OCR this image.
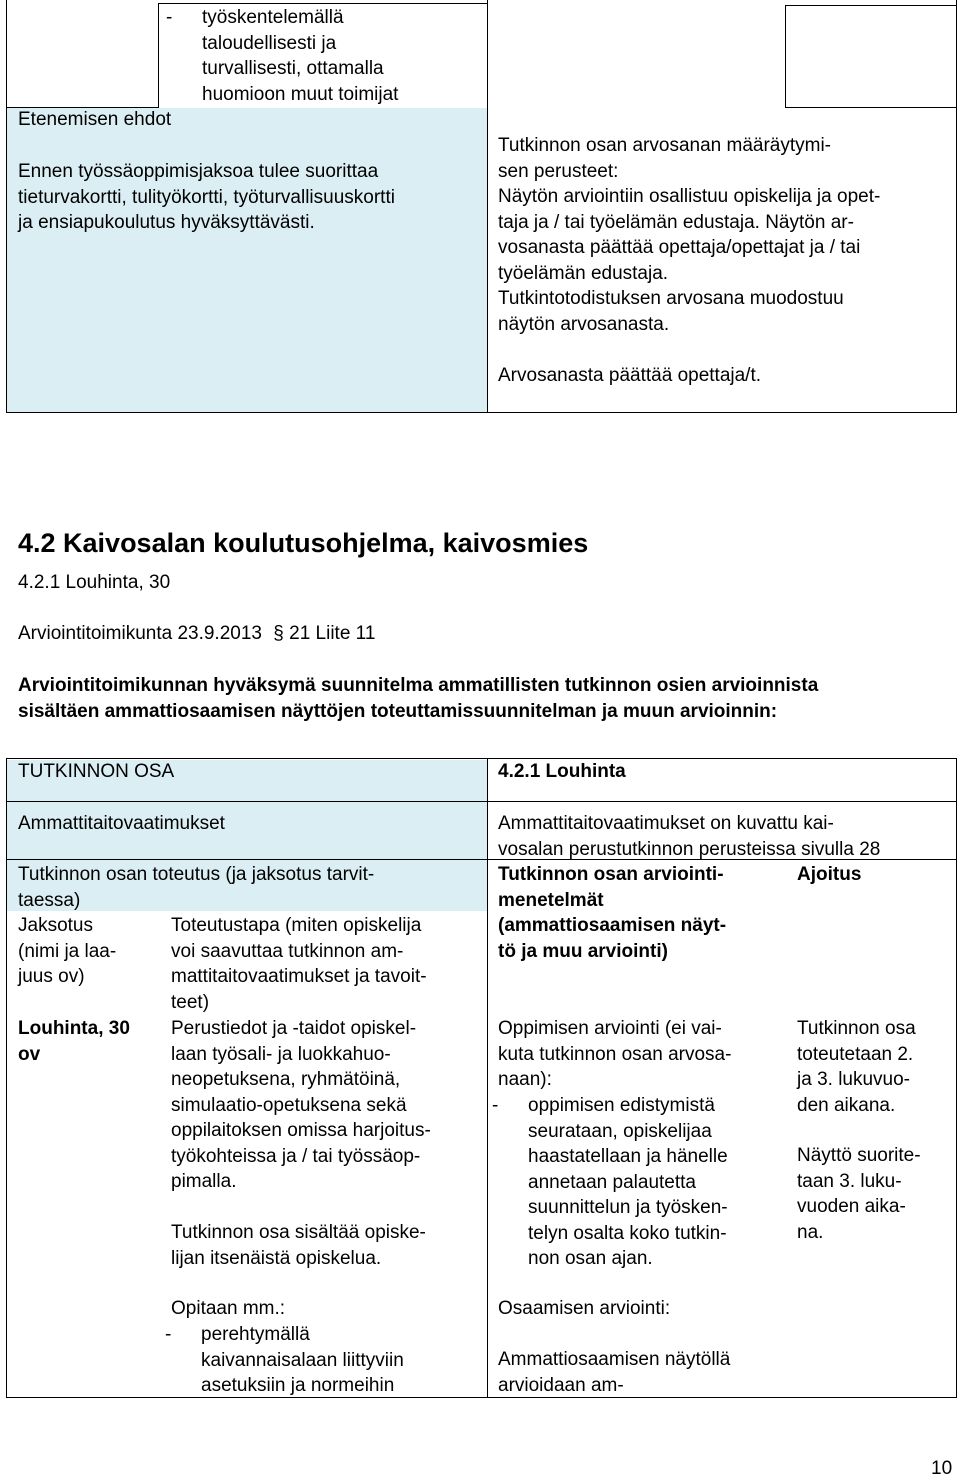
- työskentelemällä
taloudellisesti ja
turvallisesti, ottamalla
huomioon muut toimijat
Etenemisen ehdot
Ennen työssäoppimisjaksoa tulee suorittaa
tieturvakortti, tulityökortti, työturvallisuuskortti
ja ensiapukoulutus hyväksyttävästi.
Tutkinnon osan arvosanan määräytymi-
sen perusteet:
Näytön arviointiin osallistuu opiskelija ja opet-
taja ja / tai työelämän edustaja. Näytön ar-
vosanasta päättää opettaja/opettajat ja / tai
työelämän edustaja.
Tutkintotodistuksen arvosana muodostuu
näytön arvosanasta.
Arvosanasta päättää opettaja/t.
4.2 Kaivosalan koulutusohjelma, kaivosmies
4.2.1 Louhinta, 30
Arviointitoimikunta 23.9.2013 § 21 Liite 11
Arviointitoimikunnan hyväksymä suunnitelma ammatillisten tutkinnon osien arvioinnista
sisältäen ammattiosaamisen näyttöjen toteuttamissuunnitelman ja muun arvioinnin:
TUTKINNON OSA	4.2.1 Louhinta
Ammattitaitovaatimukset	Ammattitaitovaatimukset on kuvattu kai-
vosalan perustutkinnon perusteissa sivulla 28
Tutkinnon osan toteutus (ja jaksotus tarvit-
taessa)
Jaksotus
(nimi ja laa-
juus ov)
Toteutustapa (miten opiskelija
voi saavuttaa tutkinnon am-
mattitaitovaatimukset ja tavoit-
teet)
Tutkinnon osan arviointi-
menetelmät
(ammattiosaamisen näyt-
tö ja muu arviointi)
Ajoitus
Louhinta, 30
ov
Perustiedot ja -taidot opiskel-
laan työsali- ja luokkahuo-
neopetuksena, ryhmätöinä,
simulaatio-opetuksena sekä
oppilaitoksen omissa harjoitus-
työkohteissa ja / tai työssäop-
pimalla.
Tutkinnon osa sisältää opiske-
lijan itsenäistä opiskelua.
Opitaan mm.:
- perehtymällä
kaivannaisalaan liittyviin
asetuksiin ja normeihin
Oppimisen arviointi (ei vai-
kuta tutkinnon osan arvosa-
naan):
- oppimisen edistymistä
seurataan, opiskelijaa
haastatellaan ja hänelle
annetaan palautetta
suunnittelun ja työsken-
telyn osalta koko tutkin-
non osan ajan.
Osaamisen arviointi:
Ammattiosaamisen näytöllä
arvioidaan am-
Tutkinnon osa
toteutetaan 2.
ja 3. lukuvuo-
den aikana.
Näyttö suorite-
taan 3. luku-
vuoden aika-
na.
10
